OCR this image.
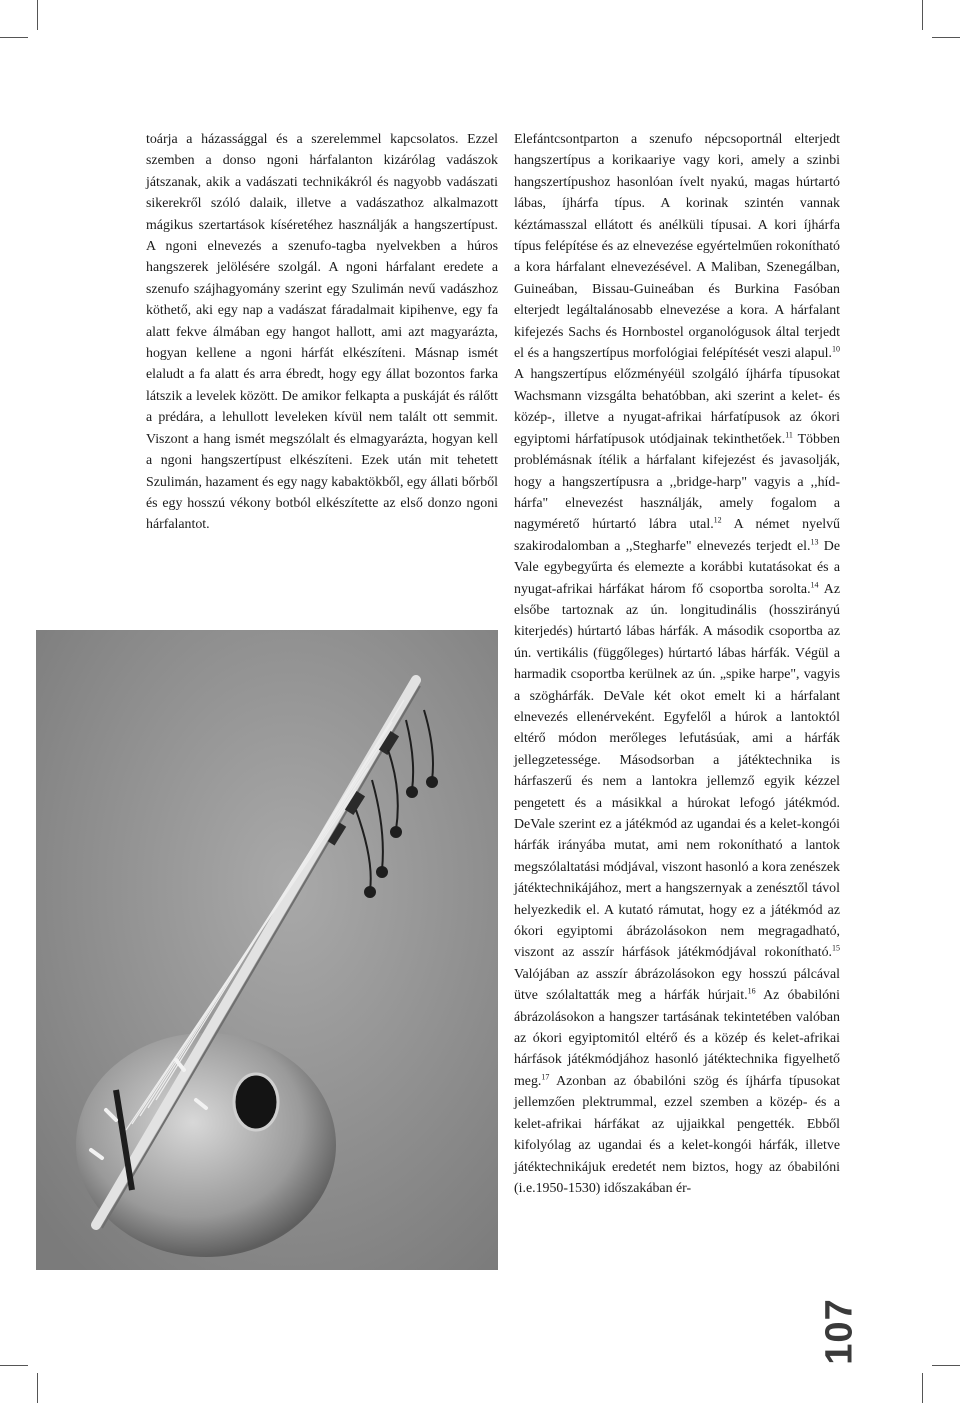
toárja a házassággal és a szerelemmel kapcsolatos. Ezzel szemben a donso ngoni hárfalanton kizárólag vadászok játszanak, akik a vadászati technikákról és nagyobb vadászati sikerekről szóló dalaik, illetve a vadászathoz alkalmazott mágikus szertartások kíséretéhez használják a hangszertípust. A ngoni elnevezés a szenufo-tagba nyelvekben a húros hangszerek jelölésére szolgál. A ngoni hárfalant eredete a szenufo szájhagyomány szerint egy Szulimán nevű vadászhoz köthető, aki egy nap a vadászat fáradalmait kipihenve, egy fa alatt fekve álmában egy hangot hallott, ami azt magyarázta, hogyan kellene a ngoni hárfát elkészíteni. Másnap ismét elaludt a fa alatt és arra ébredt, hogy egy állat bozontos farka látszik a levelek között. De amikor felkapta a puskáját és rálőtt a prédára, a lehullott leveleken kívül nem talált ott semmit. Viszont a hang ismét megszólalt és elmagyarázta, hogyan kell a ngoni hangszertípust elkészíteni. Ezek után mit tehetett Szulimán, hazament és egy nagy kabaktökből, egy állati bőrből és egy hosszú vékony botból elkészítette az első donzo ngoni hárfalantot.

Elefántcsontparton a szenufo népcsoportnál elterjedt hangszertípus a korikaariye vagy kori, amely a szinbi hangszertípushoz hasonlóan ívelt nyakú, magas húrtartó lábas, íjhárfa típus. A korinak szintén vannak kéztámasszal ellátott és anélküli típusai. A kori íjhárfa típus felépítése és az elnevezése egyértelműen rokonítható a kora hárfalant elnevezésével. A Maliban, Szenegálban, Guineában, Bissau-Guineában és Burkina Fasóban elterjedt legáltalánosabb elnevezése a kora. A hárfalant kifejezés Sachs és Hornbostel organológusok által terjedt el és a hangszertípus morfológiai felépítését veszi alapul.$^{10}$ A hangszertípus előzményéül szolgáló íjhárfa típusokat Wachsmann vizsgálta behatóbban, aki szerint a kelet- és közép-, illetve a nyugat-afrikai hárfatípusok az ókori egyiptomi hárfatípusok utódjainak tekinthetőek.$^{11}$ Többen problémásnak ítélik a hárfalant kifejezést és javasolják, hogy a hangszertípusra a ,,bridge-harp" vagyis a ,,híd-hárfa" elnevezést használják, amely fogalom a nagymérető húrtartó lábra utal.$^{12}$ A német nyelvű szakirodalomban a ,,Stegharfe" elnevezés terjedt el.$^{13}$ De Vale egybegyűrta és elemezte a korábbi kutatásokat és a nyugat-afrikai hárfákat három fő csoportba sorolta.$^{14}$ Az elsőbe tartoznak az ún. longitudinális (hosszirányú kiterjedés) húrtartó lábas hárfák. A második csoportba az ún. vertikális (függőleges) húrtartó lábas hárfák. Végül a harmadik csoportba kerülnek az ún. „spike harpe", vagyis a szöghárfák. DeVale két okot emelt ki a hárfalant elnevezés ellenérveként. Egyfelől a húrok a lantoktól eltérő módon merőleges lefutásúak, ami a hárfák jellegzetessége. Másodsorban a játéktechnika is hárfaszerű és nem a lantokra jellemző egyik kézzel pengetett és a másikkal a húrokat lefogó játékmód. DeVale szerint ez a játékmód az ugandai és a kelet-kongói hárfák irányába mutat, ami nem rokonítható a lantok megszólaltatási módjával, viszont hasonló a kora zenészek játéktechnikájához, mert a hangszernyak a zenésztől távol helyezkedik el. A kutató rámutat, hogy ez a játékmód az ókori egyiptomi ábrázolásokon nem megragadható, viszont az asszír hárfások játékmódjával rokonítható.$^{15}$ Valójában az asszír ábrázolásokon egy hosszú pálcával ütve szólaltatták meg a hárfák húrjait.$^{16}$ Az óbabilóni ábrázolásokon a hangszer tartásának tekintetében valóban az ókori egyiptomitól eltérő és a közép és kelet-afrikai hárfások játékmódjához hasonló játéktechnika figyelhető meg.$^{17}$ Azonban az óbabilóni szög és íjhárfa típusokat jellemzően plektrummal, ezzel szemben a közép- és a kelet-afrikai hárfákat az ujjaikkal pengették. Ebből kifolyólag az ugandai és a kelet-kongói hárfák, illetve játéktechnikájuk eredetét nem biztos, hogy az óbabilóni (i.e.1950-1530) időszakában ér-

107
